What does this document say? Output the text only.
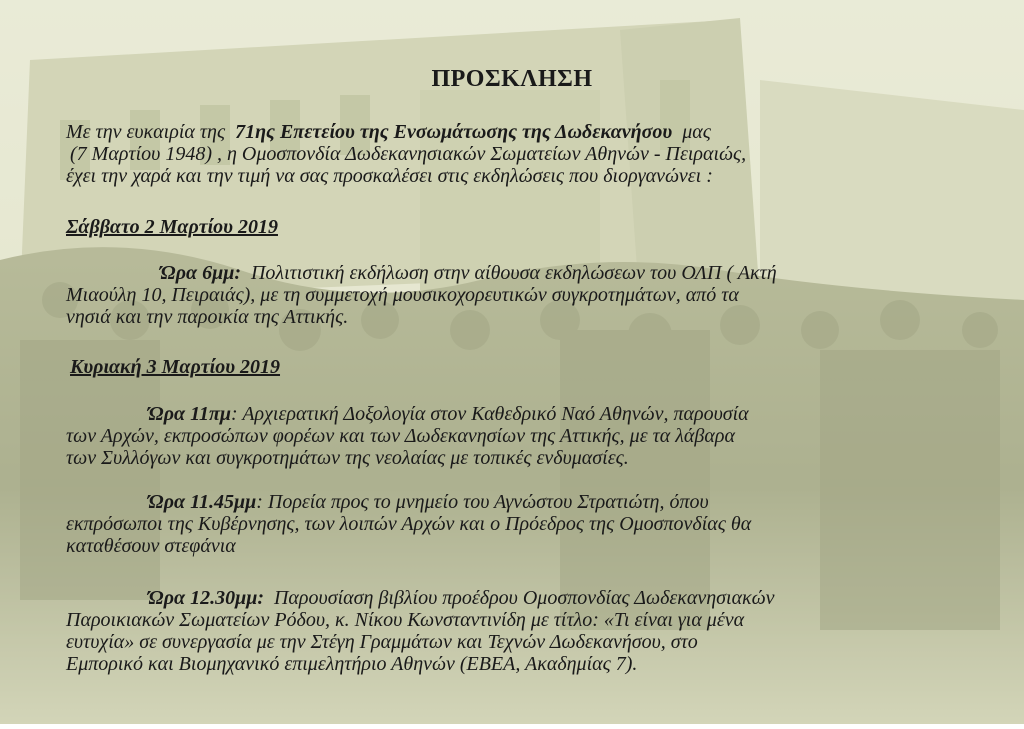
ΠΡΟΣΚΛΗΣΗ
Με την ευκαιρία της 71ης Επετείου της Ενσωμάτωσης της Δωδεκανήσου μας
(7 Μαρτίου 1948) , η Ομοσπονδία Δωδεκανησιακών Σωματείων Αθηνών - Πειραιώς,
έχει την χαρά και την τιμή να σας προσκαλέσει στις εκδηλώσεις που διοργανώνει :
Σάββατο 2 Μαρτίου 2019
Ώρα 6μμ: Πολιτιστική εκδήλωση στην αίθουσα εκδηλώσεων του ΟΛΠ ( Ακτή
Μιαούλη 10, Πειραιάς), με τη συμμετοχή μουσικοχορευτικών συγκροτημάτων, από τα
νησιά και την παροικία της Αττικής.
Κυριακή 3 Μαρτίου 2019
Ώρα 11πμ: Αρχιερατική Δοξολογία στον Καθεδρικό Ναό Αθηνών, παρουσία
των Αρχών, εκπροσώπων φορέων και των Δωδεκανησίων της Αττικής, με τα λάβαρα
των Συλλόγων και συγκροτημάτων της νεολαίας με τοπικές ενδυμασίες.
Ώρα 11.45μμ: Πορεία προς το μνημείο του Αγνώστου Στρατιώτη, όπου
εκπρόσωποι της Κυβέρνησης, των λοιπών Αρχών και ο Πρόεδρος της Ομοσπονδίας θα
καταθέσουν στεφάνια
Ώρα 12.30μμ: Παρουσίαση βιβλίου προέδρου Ομοσπονδίας Δωδεκανησιακών
Παροικιακών Σωματείων Ρόδου, κ. Νίκου Κωνσταντινίδη με τίτλο: «Τι είναι για μένα
ευτυχία» σε συνεργασία με την Στέγη Γραμμάτων και Τεχνών Δωδεκανήσου, στο
Εμπορικό και Βιομηχανικό επιμελητήριο Αθηνών (ΕΒΕΑ, Ακαδημίας 7).
